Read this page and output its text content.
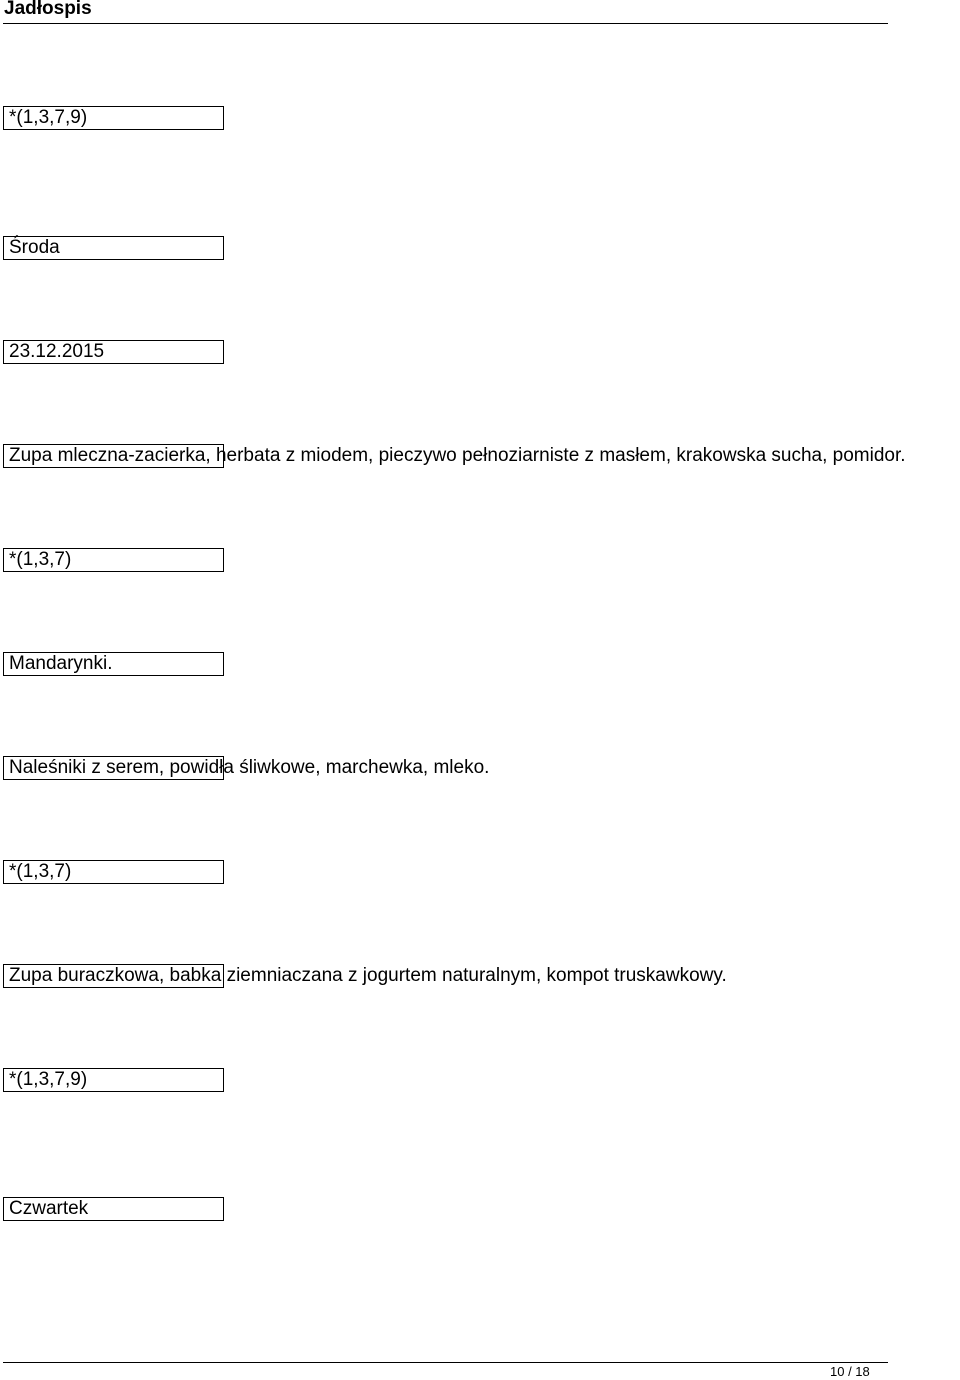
Jadłospis
*(1,3,7,9)
Środa
23.12.2015
Zupa mleczna-zacierka, herbata z miodem, pieczywo pełnoziarniste z masłem, krakowska sucha, pomidor.
*(1,3,7)
Mandarynki.
Naleśniki z serem, powidła śliwkowe, marchewka, mleko.
*(1,3,7)
Zupa buraczkowa, babka ziemniaczana z jogurtem naturalnym, kompot truskawkowy.
*(1,3,7,9)
Czwartek
10 / 18
